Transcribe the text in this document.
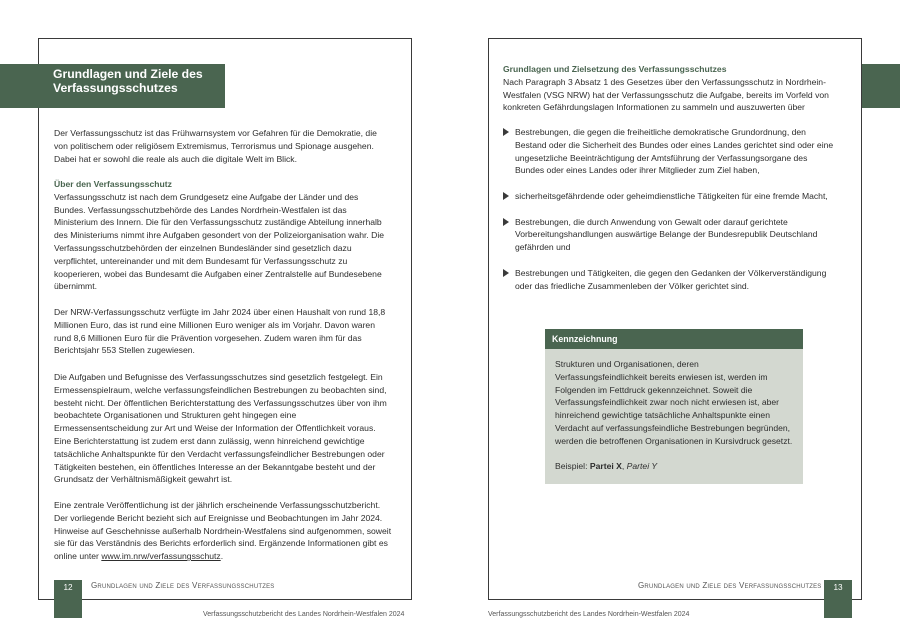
Grundlagen und Ziele des Verfassungsschutzes
Der Verfassungsschutz ist das Frühwarnsystem vor Gefahren für die Demokratie, die von politischem oder religiösem Extremismus, Terrorismus und Spionage ausgehen. Dabei hat er sowohl die reale als auch die digitale Welt im Blick.
Über den Verfassungsschutz
Verfassungsschutz ist nach dem Grundgesetz eine Aufgabe der Länder und des Bundes. Verfassungsschutzbehörde des Landes Nordrhein-Westfalen ist das Ministerium des Innern. Die für den Verfassungsschutz zuständige Abteilung innerhalb des Ministeriums nimmt ihre Aufgaben gesondert von der Polizeiorganisation wahr. Die Verfassungsschutzbehörden der einzelnen Bundesländer sind gesetzlich dazu verpflichtet, untereinander und mit dem Bundesamt für Verfassungsschutz zu kooperieren, wobei das Bundesamt die Aufgaben einer Zentralstelle auf Bundesebene übernimmt.
Der NRW-Verfassungsschutz verfügte im Jahr 2024 über einen Haushalt von rund 18,8 Millionen Euro, das ist rund eine Millionen Euro weniger als im Vorjahr. Davon waren rund 8,6 Millionen Euro für die Prävention vorgesehen. Zudem waren ihm für das Berichtsjahr 553 Stellen zugewiesen.
Die Aufgaben und Befugnisse des Verfassungsschutzes sind gesetzlich festgelegt. Ein Ermessenspielraum, welche verfassungsfeindlichen Bestrebungen zu beobachten sind, besteht nicht. Der öffentlichen Berichterstattung des Verfassungsschutzes über von ihm beobachtete Organisationen und Strukturen geht hingegen eine Ermessensentscheidung zur Art und Weise der Information der Öffentlichkeit voraus. Eine Berichterstattung ist zudem erst dann zulässig, wenn hinreichend gewichtige tatsächliche Anhaltspunkte für den Verdacht verfassungsfeindlicher Bestrebungen oder Tätigkeiten bestehen, ein öffentliches Interesse an der Bekanntgabe besteht und der Grundsatz der Verhältnismäßigkeit gewahrt ist.
Eine zentrale Veröffentlichung ist der jährlich erscheinende Verfassungsschutzbericht. Der vorliegende Bericht bezieht sich auf Ereignisse und Beobachtungen im Jahr 2024. Hinweise auf Geschehnisse außerhalb Nordrhein-Westfalens sind aufgenommen, soweit sie für das Verständnis des Berichts erforderlich sind. Ergänzende Informationen gibt es online unter www.im.nrw/verfassungsschutz.
12	Grundlagen und Ziele des Verfassungsschutzes
Verfassungsschutzbericht des Landes Nordrhein-Westfalen 2024
Grundlagen und Zielsetzung des Verfassungsschutzes
Nach Paragraph 3 Absatz 1 des Gesetzes über den Verfassungsschutz in Nordrhein-Westfalen (VSG NRW) hat der Verfassungsschutz die Aufgabe, bereits im Vorfeld von konkreten Gefährdungslagen Informationen zu sammeln und auszuwerten über
Bestrebungen, die gegen die freiheitliche demokratische Grundordnung, den Bestand oder die Sicherheit des Bundes oder eines Landes gerichtet sind oder eine ungesetzliche Beeinträchtigung der Amtsführung der Verfassungsorgane des Bundes oder eines Landes oder ihrer Mitglieder zum Ziel haben,
sicherheitsgefährdende oder geheimdienstliche Tätigkeiten für eine fremde Macht,
Bestrebungen, die durch Anwendung von Gewalt oder darauf gerichtete Vorbereitungshandlungen auswärtige Belange der Bundesrepublik Deutschland gefährden und
Bestrebungen und Tätigkeiten, die gegen den Gedanken der Völkerverständigung oder das friedliche Zusammenleben der Völker gerichtet sind.
Kennzeichnung
Strukturen und Organisationen, deren Verfassungsfeindlichkeit bereits erwiesen ist, werden im Folgenden im Fettdruck gekennzeichnet. Soweit die Verfassungsfeindlichkeit zwar noch nicht erwiesen ist, aber hinreichend gewichtige tatsächliche Anhaltspunkte einen Verdacht auf verfassungsfeindliche Bestrebungen begründen, werden die betroffenen Organisationen in Kursivdruck gesetzt.
Beispiel: Partei X, Partei Y
Grundlagen und Ziele des Verfassungsschutzes	13
Verfassungsschutzbericht des Landes Nordrhein-Westfalen 2024
